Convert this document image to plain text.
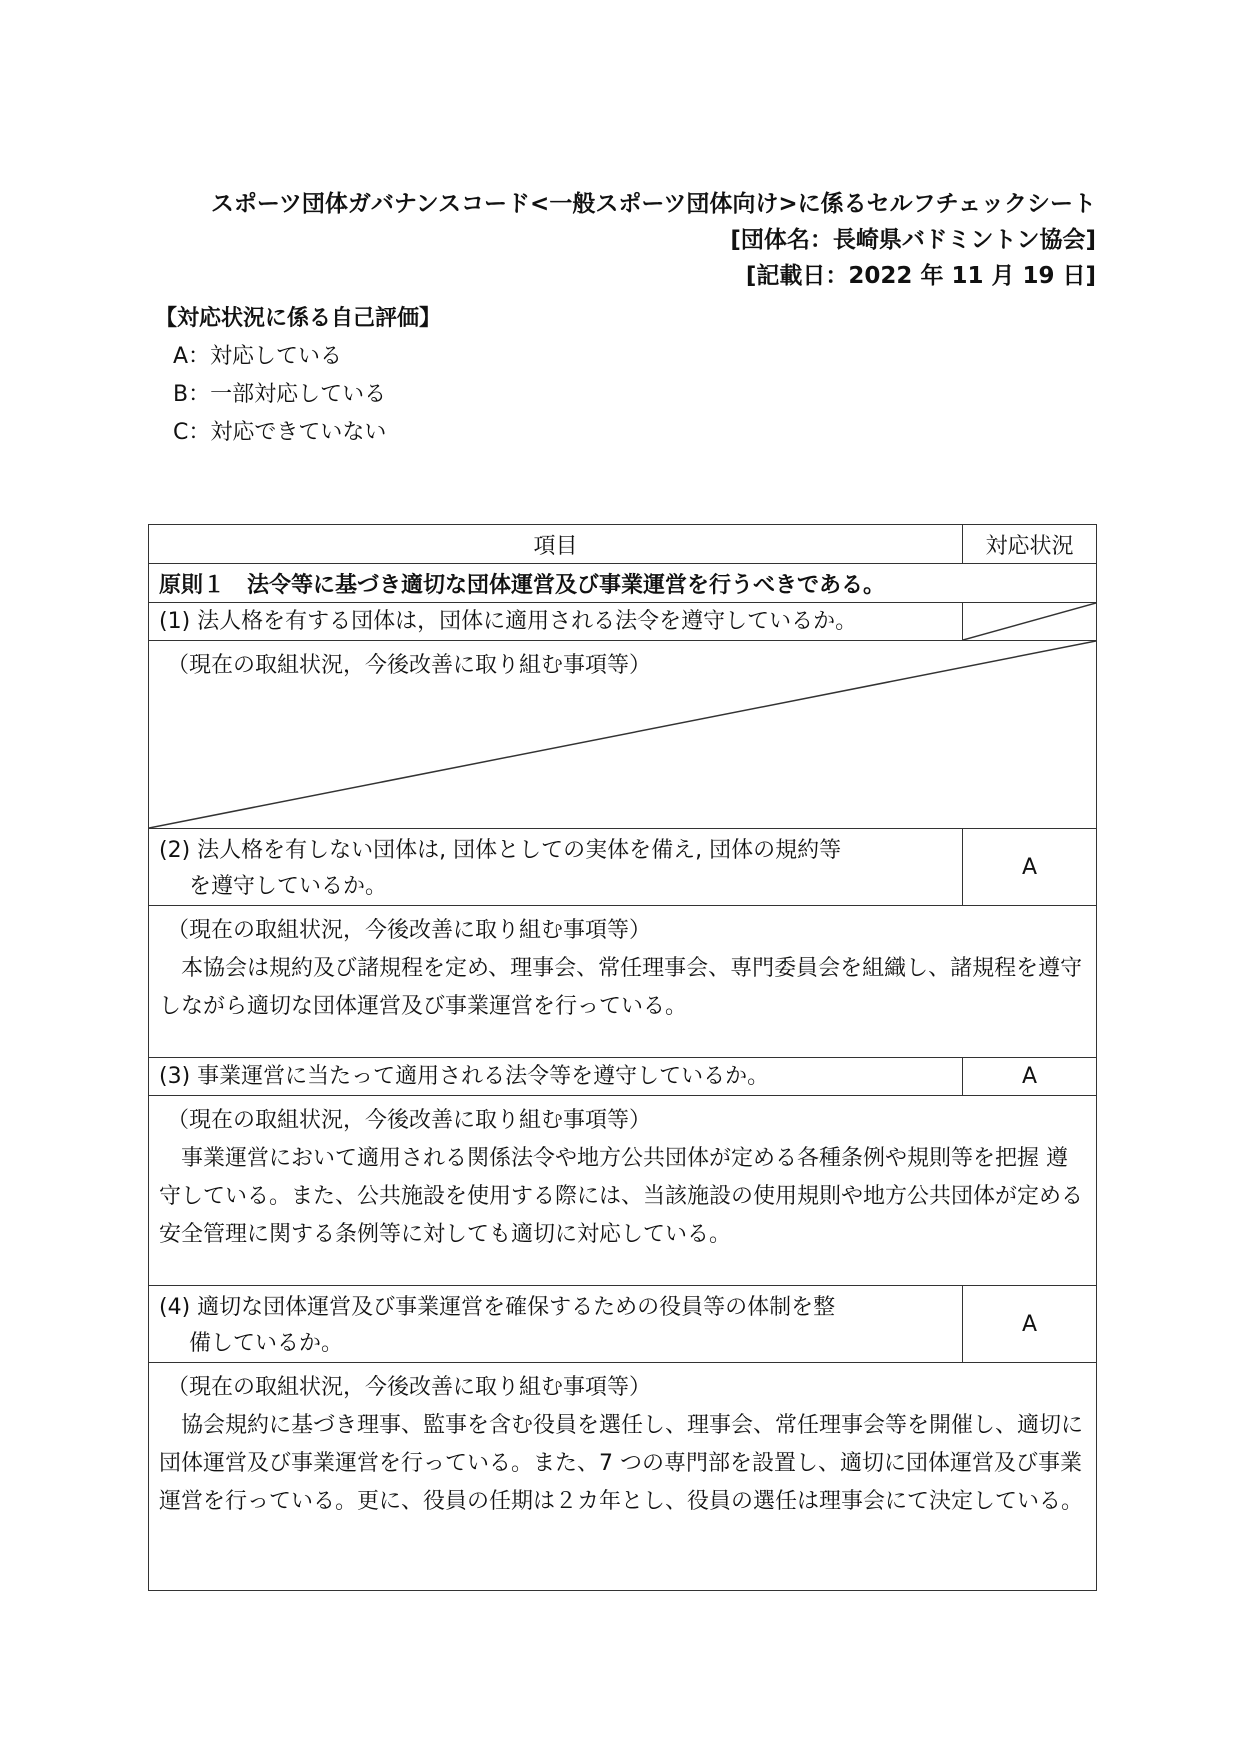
スポーツ団体ガバナンスコード<一般スポーツ団体向け>に係るセルフチェックシート
[団体名：長崎県バドミントン協会]
[記載日：2022 年 11 月 19 日]
【対応状況に係る自己評価】
A：対応している
B：一部対応している
C：対応できていない
項目	対応状況
原則１　法令等に基づき適切な団体運営及び事業運営を行うべきである。	
(1) 法人格を有する団体は，団体に適用される法令を遵守しているか。	

（現在の取組状況，今後改善に取り組む事項等）	

(2) 法人格を有しない団体は, 団体としての実体を備え, 団体の規約等
を遵守しているか。	A

（現在の取組状況，今後改善に取り組む事項等）
本協会は規約及び諸規程を定め、理事会、常任理事会、専門委員会を組織し、諸規程を遵守しながら適切な団体運営及び事業運営を行っている。	

(3) 事業運営に当たって適用される法令等を遵守しているか。	A

（現在の取組状況，今後改善に取り組む事項等）
事業運営において適用される関係法令や地方公共団体が定める各種条例や規則等を把握 遵守している。また、公共施設を使用する際には、当該施設の使用規則や地方公共団体が定める安全管理に関する条例等に対しても適切に対応している。	

(4) 適切な団体運営及び事業運営を確保するための役員等の体制を整
備しているか。	A

（現在の取組状況，今後改善に取り組む事項等）
協会規約に基づき理事、監事を含む役員を選任し、理事会、常任理事会等を開催し、適切に団体運営及び事業運営を行っている。また、7 つの専門部を設置し、適切に団体運営及び事業運営を行っている。更に、役員の任期は２カ年とし、役員の選任は理事会にて決定している。	
